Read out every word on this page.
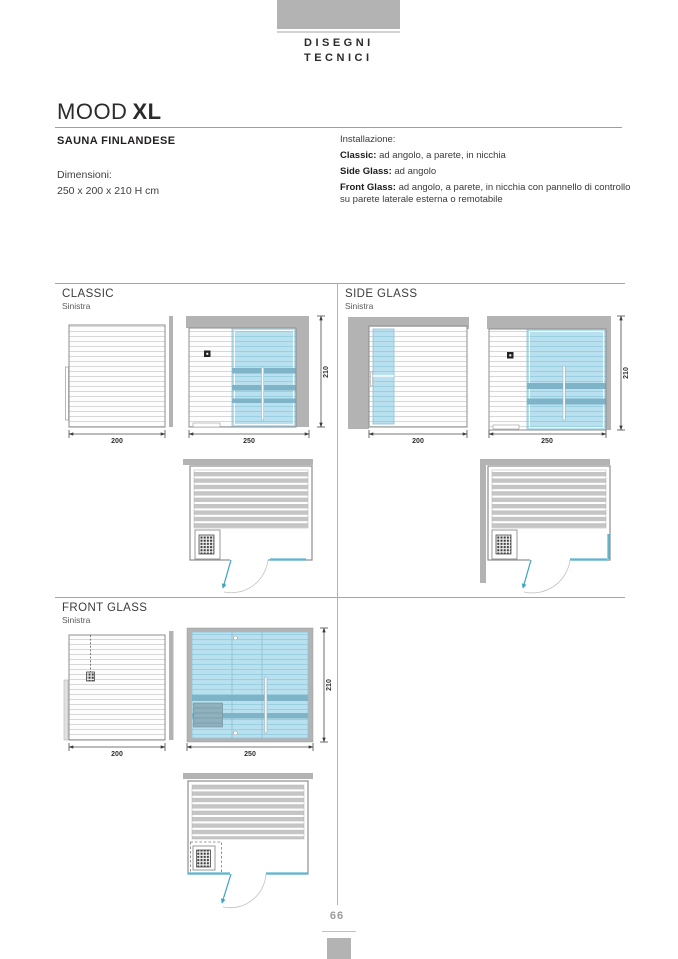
DISEGNI
TECNICI
MOOD XL
SAUNA FINLANDESE
Dimensioni:
250 x 200 x 210 H cm
Installazione:
Classic: ad angolo, a parete, in nicchia
Side Glass: ad angolo
Front Glass: ad angolo, a parete, in nicchia con pannello di controllo su parete laterale esterna o remotabile
CLASSIC
Sinistra
SIDE GLASS
Sinistra
FRONT GLASS
Sinistra
200	250
210
200	250
210
200	250
210
66
